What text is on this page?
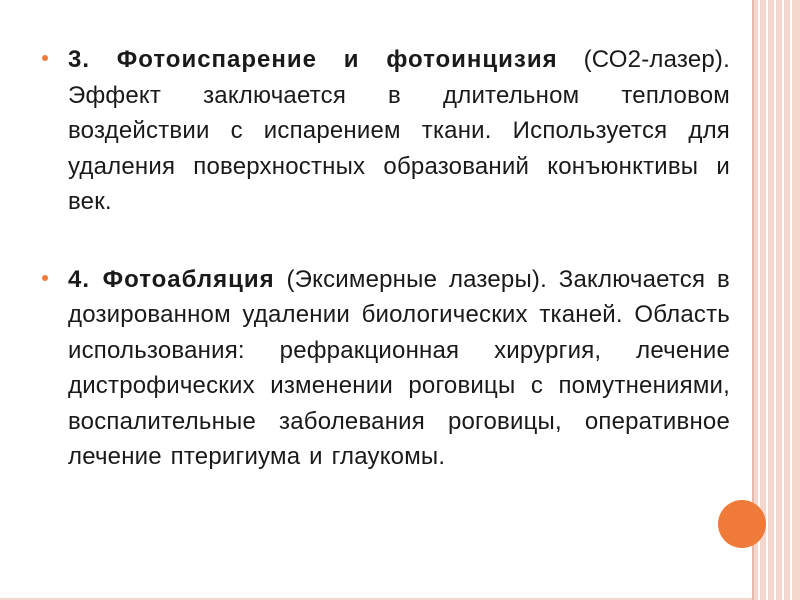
3. Фотоиспарение и фотоинцизия (СО2-лазер). Эффект заключается в длительном тепловом воздействии с испарением ткани. Используется для удаления поверхностных образований конъюнктивы и век.
4. Фотоабляция (Эксимерные лазеры). Заключается в дозированном удалении биологических тканей. Область использования: рефракционная хирургия, лечение дистрофических изменении роговицы с помутнениями, воспалительные заболевания роговицы, оперативное лечение птеригиума и глаукомы.
